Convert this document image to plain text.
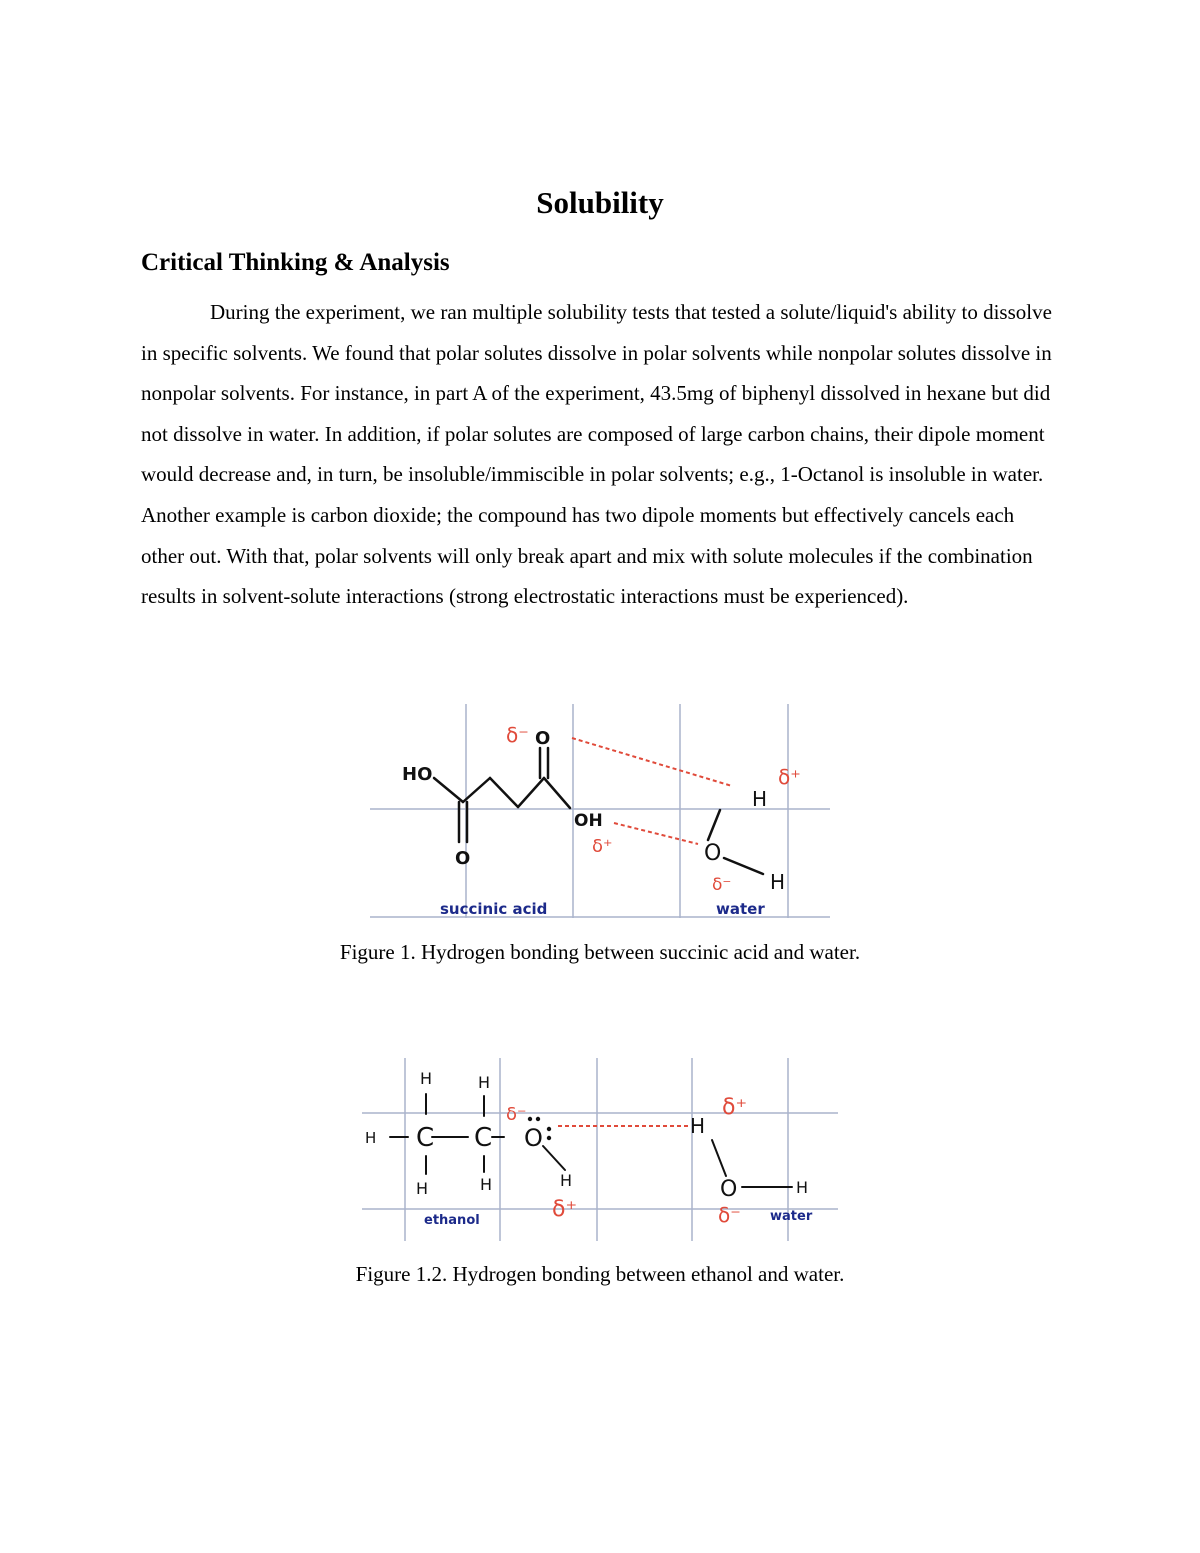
Solubility
Critical Thinking & Analysis

During the experiment, we ran multiple solubility tests that tested a solute/liquid's ability to dissolve in specific solvents. We found that polar solutes dissolve in polar solvents while nonpolar solutes dissolve in nonpolar solvents. For instance, in part A of the experiment, 43.5mg of biphenyl dissolved in hexane but did not dissolve in water. In addition, if polar solutes are composed of large carbon chains, their dipole moment would decrease and, in turn, be insoluble/immiscible in polar solvents; e.g., 1-Octanol is insoluble in water. Another example is carbon dioxide; the compound has two dipole moments but effectively cancels each other out. With that, polar solvents will only break apart and mix with solute molecules if the combination results in solvent-solute interactions (strong electrostatic interactions must be experienced).

HO
O
O
OH
H
O
H
δ⁻
δ⁺
δ⁺
δ⁻
succinic acid	water
Figure 1. Hydrogen bonding between succinic acid and water.
H C C
H
H
H
H
O
H
H
O	H
δ⁻
δ⁺
δ⁺
δ⁻
ethanol	water
Figure 1.2. Hydrogen bonding between ethanol and water.
